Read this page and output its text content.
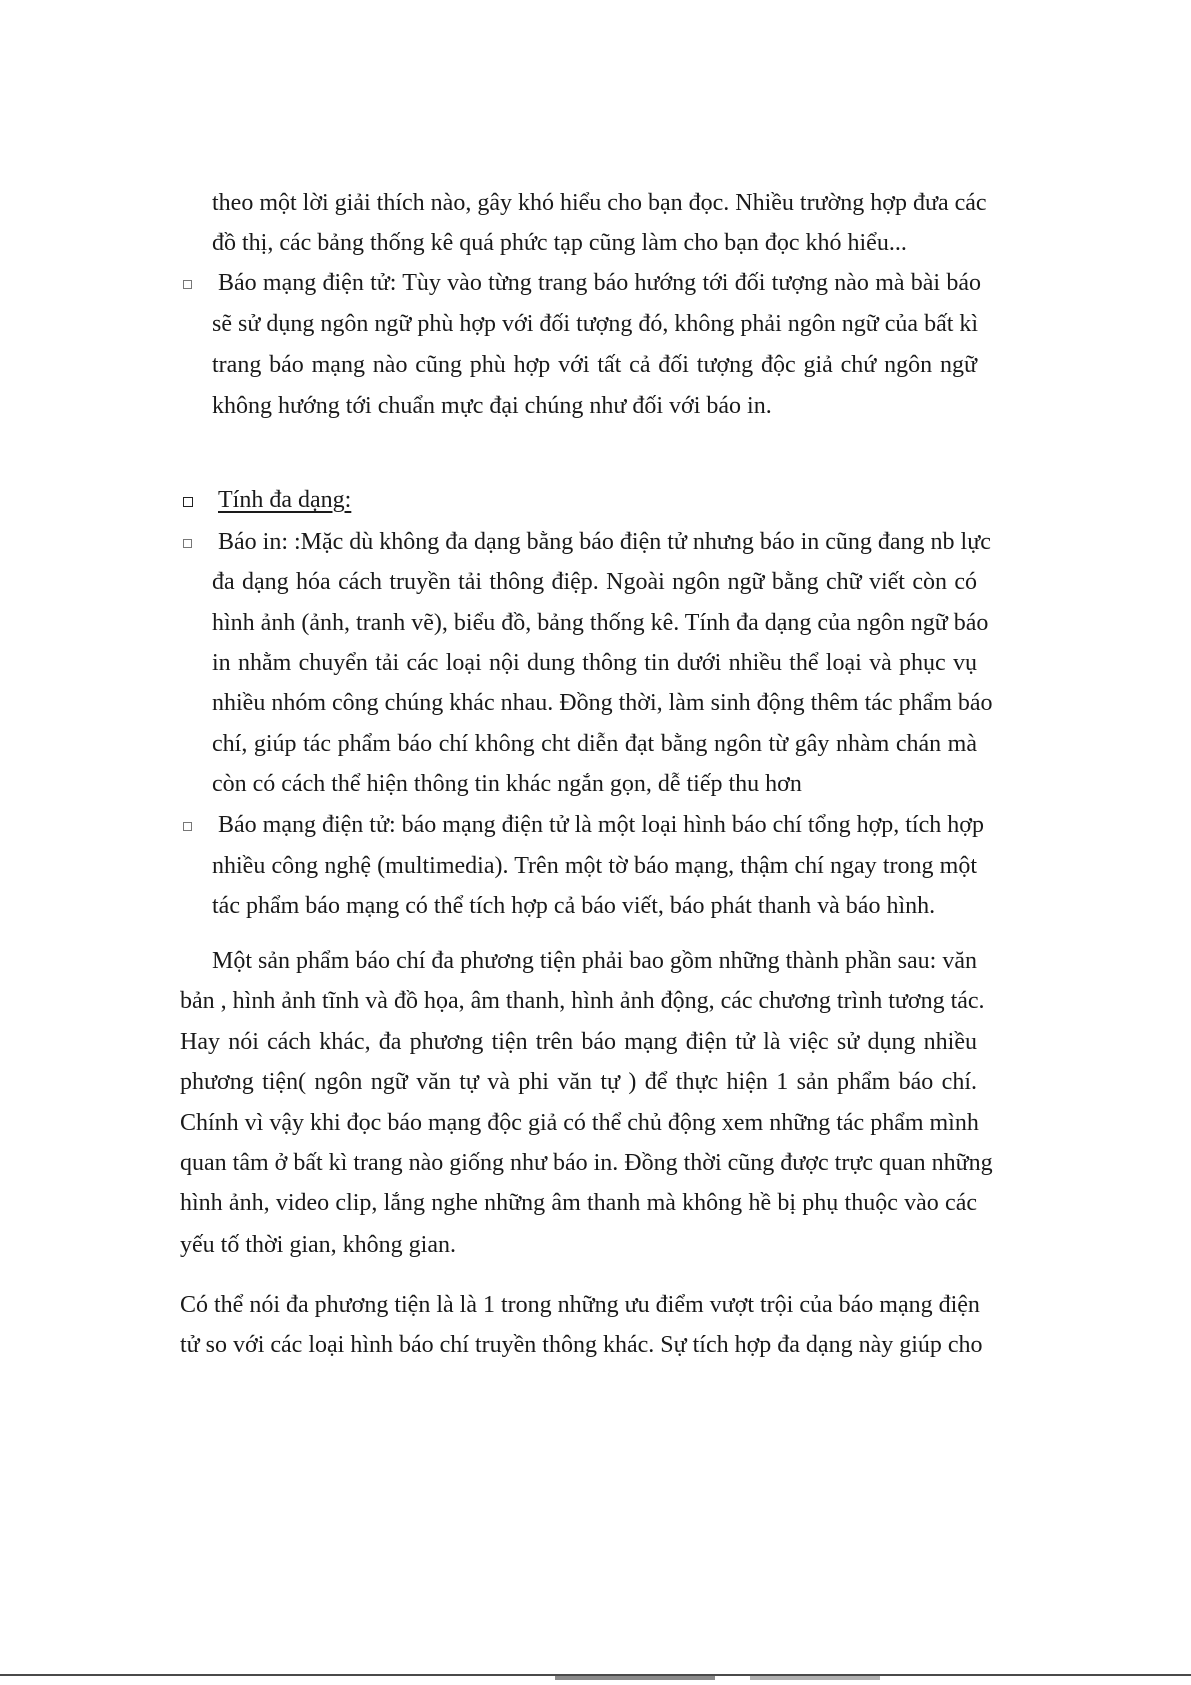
theo một lời giải thích nào, gây khó hiểu cho bạn đọc. Nhiều trường hợp đưa các
đồ thị, các bảng thống kê quá phức tạp cũng làm cho bạn đọc khó hiểu...
Báo mạng điện tử: Tùy vào từng trang báo hướng tới đối tượng nào mà bài báo
sẽ sử dụng ngôn ngữ phù hợp với đối tượng đó, không phải ngôn ngữ của bất kì
trang báo mạng nào cũng phù hợp với tất cả đối tượng độc giả chứ ngôn ngữ
không hướng tới chuẩn mực đại chúng như đối với báo in.
Tính đa dạng:
Báo in: :Mặc dù không đa dạng bằng báo điện tử nhưng báo in cũng đang nb lực
đa dạng hóa cách truyền tải thông điệp. Ngoài ngôn ngữ bằng chữ viết còn có
hình ảnh (ảnh, tranh vẽ), biểu đồ, bảng thống kê. Tính đa dạng của ngôn ngữ báo
in nhằm chuyển tải các loại nội dung thông tin dưới nhiều thể loại và phục vụ
nhiều nhóm công chúng khác nhau. Đồng thời, làm sinh động thêm tác phẩm báo
chí, giúp tác phẩm báo chí không cht diễn đạt bằng ngôn từ gây nhàm chán mà
còn có cách thể hiện thông tin khác ngắn gọn, dễ tiếp thu hơn
Báo mạng điện tử: báo mạng điện tử là một loại hình báo chí tổng hợp, tích hợp
nhiều công nghệ (multimedia). Trên một tờ báo mạng, thậm chí ngay trong một
tác phẩm báo mạng có thể tích hợp cả báo viết, báo phát thanh và báo hình.
Một sản phẩm báo chí đa phương tiện phải bao gồm những thành phần sau: văn
bản , hình ảnh tĩnh và đồ họa, âm thanh, hình ảnh động, các chương trình tương tác.
Hay nói cách khác, đa phương tiện trên báo mạng điện tử là việc sử dụng nhiều
phương tiện( ngôn ngữ văn tự và phi văn tự ) để thực hiện 1 sản phẩm báo chí.
Chính vì vậy khi đọc báo mạng độc giả có thể chủ động xem những tác phẩm mình
quan tâm ở bất kì trang nào giống như báo in. Đồng thời cũng được trực quan những
hình ảnh, video clip, lắng nghe những âm thanh mà không hề bị phụ thuộc vào các
yếu tố thời gian, không gian.
Có thể nói đa phương tiện là là 1 trong những ưu điểm vượt trội của báo mạng điện
tử so với các loại hình báo chí truyền thông khác. Sự tích hợp đa dạng này giúp cho
